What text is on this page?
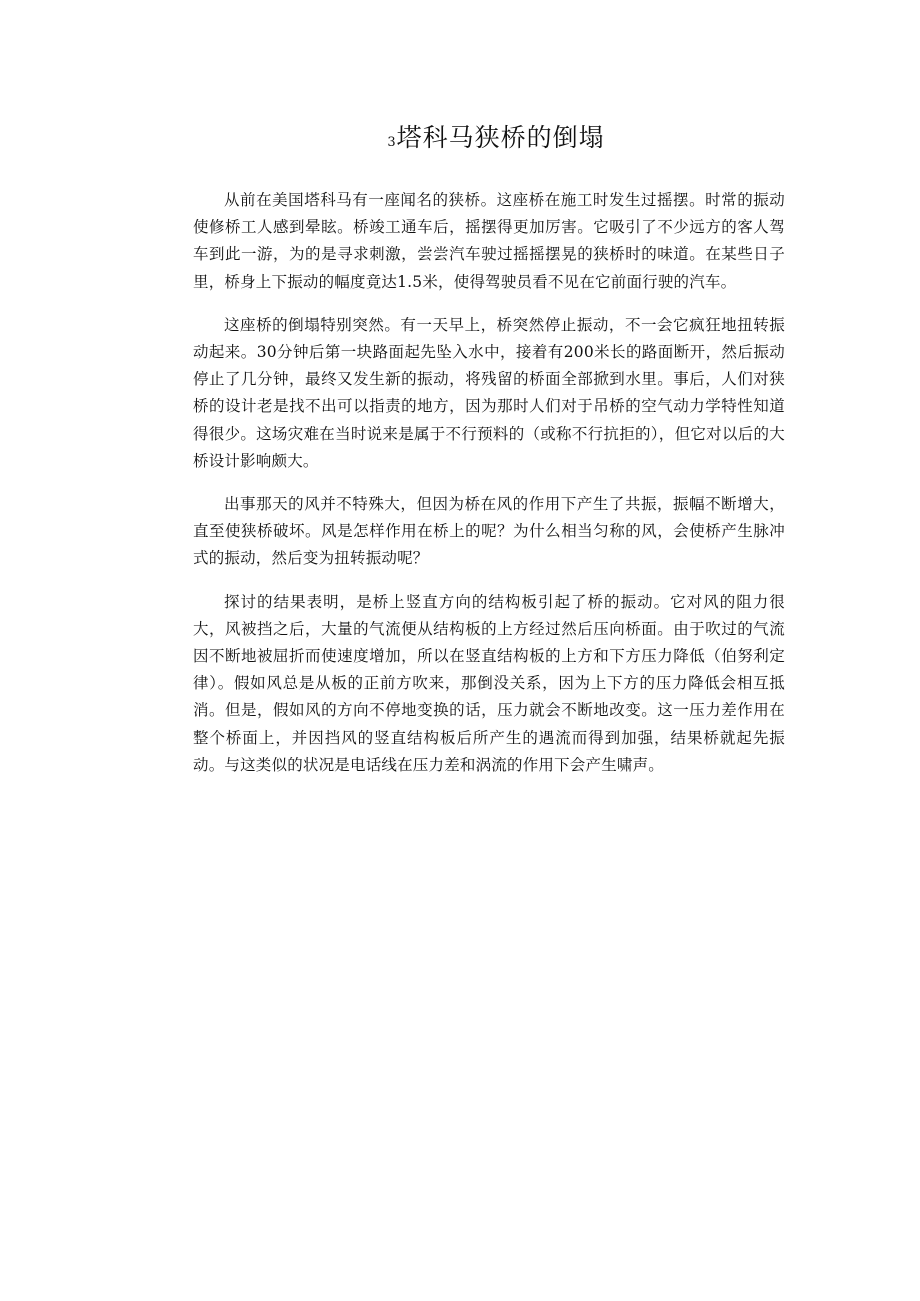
3塔科马狭桥的倒塌

从前在美国塔科马有一座闻名的狭桥。这座桥在施工时发生过摇摆。时常的振动使修桥工人感到晕眩。桥竣工通车后，摇摆得更加厉害。它吸引了不少远方的客人驾车到此一游，为的是寻求刺激，尝尝汽车驶过摇摇摆晃的狭桥时的味道。在某些日子里，桥身上下振动的幅度竟达1.5米，使得驾驶员看不见在它前面行驶的汽车。

这座桥的倒塌特别突然。有一天早上，桥突然停止振动，不一会它疯狂地扭转振动起来。30分钟后第一块路面起先坠入水中，接着有200米长的路面断开，然后振动停止了几分钟，最终又发生新的振动，将残留的桥面全部掀到水里。事后，人们对狭桥的设计老是找不出可以指责的地方，因为那时人们对于吊桥的空气动力学特性知道得很少。这场灾难在当时说来是属于不行预料的（或称不行抗拒的），但它对以后的大桥设计影响颇大。

出事那天的风并不特殊大，但因为桥在风的作用下产生了共振，振幅不断增大，直至使狭桥破坏。风是怎样作用在桥上的呢？为什么相当匀称的风，会使桥产生脉冲式的振动，然后变为扭转振动呢？

探讨的结果表明，是桥上竖直方向的结构板引起了桥的振动。它对风的阻力很大，风被挡之后，大量的气流便从结构板的上方经过然后压向桥面。由于吹过的气流因不断地被屈折而使速度增加，所以在竖直结构板的上方和下方压力降低（伯努利定律）。假如风总是从板的正前方吹来，那倒没关系，因为上下方的压力降低会相互抵消。但是，假如风的方向不停地变换的话，压力就会不断地改变。这一压力差作用在整个桥面上，并因挡风的竖直结构板后所产生的遇流而得到加强，结果桥就起先振动。与这类似的状况是电话线在压力差和涡流的作用下会产生啸声。
